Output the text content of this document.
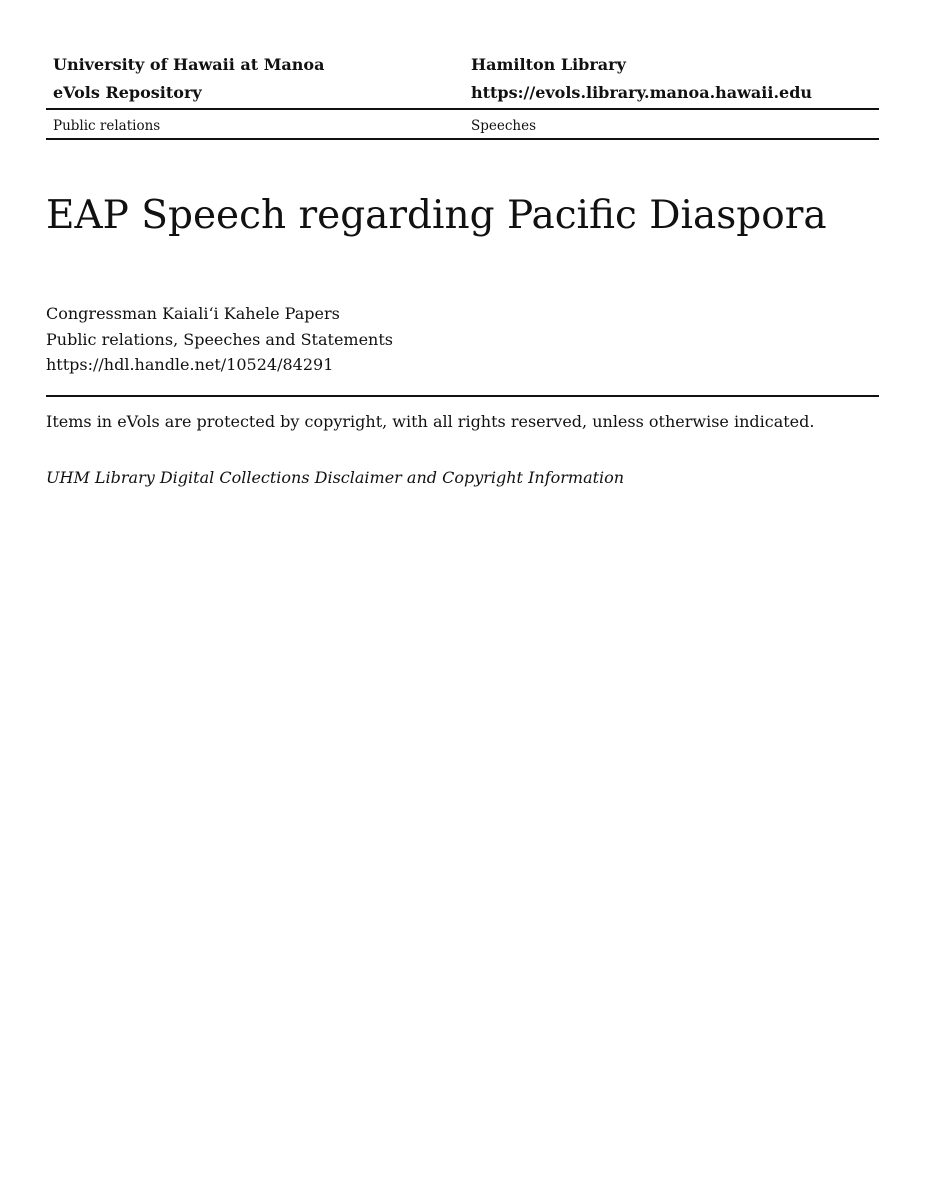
University of Hawaii at Manoa	Hamilton Library
eVols Repository	https://evols.library.manoa.hawaii.edu
Public relations	Speeches
EAP Speech regarding Pacific Diaspora
Congressman Kaiali‘i Kahele Papers
Public relations, Speeches and Statements
https://hdl.handle.net/10524/84291
Items in eVols are protected by copyright, with all rights reserved, unless otherwise indicated.
UHM Library Digital Collections Disclaimer and Copyright Information
